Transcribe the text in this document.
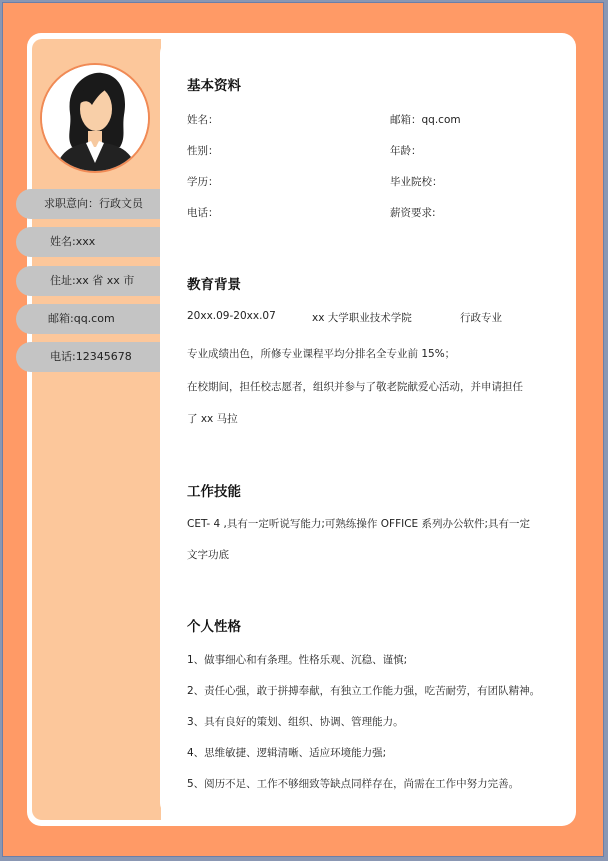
求职意向：行政文员
姓名:xxx
住址:xx 省 xx 市
邮箱:qq.com
电话:12345678
基本资料
姓名：	邮箱：qq.com
性别：	年龄：
学历：	毕业院校：
电话：	薪资要求:
教育背景
20xx.09-20xx.07	xx 大学职业技术学院	行政专业
专业成绩出色，所修专业课程平均分排名全专业前 15%；
在校期间，担任校志愿者，组织并参与了敬老院献爱心活动，并申请担任
了 xx 马拉
工作技能
CET- 4 ,具有一定听说写能力;可熟练操作 OFFICE 系列办公软件;具有一定
文字功底
个人性格
1、做事细心和有条理。性格乐观、沉稳、谨慎;
2、责任心强，敢于拼搏奉献，有独立工作能力强，吃苦耐劳，有团队精神。
3、具有良好的策划、组织、协调、管理能力。
4、思维敏捷、逻辑清晰、适应环境能力强;
5、阅历不足、工作不够细致等缺点同样存在，尚需在工作中努力完善。
